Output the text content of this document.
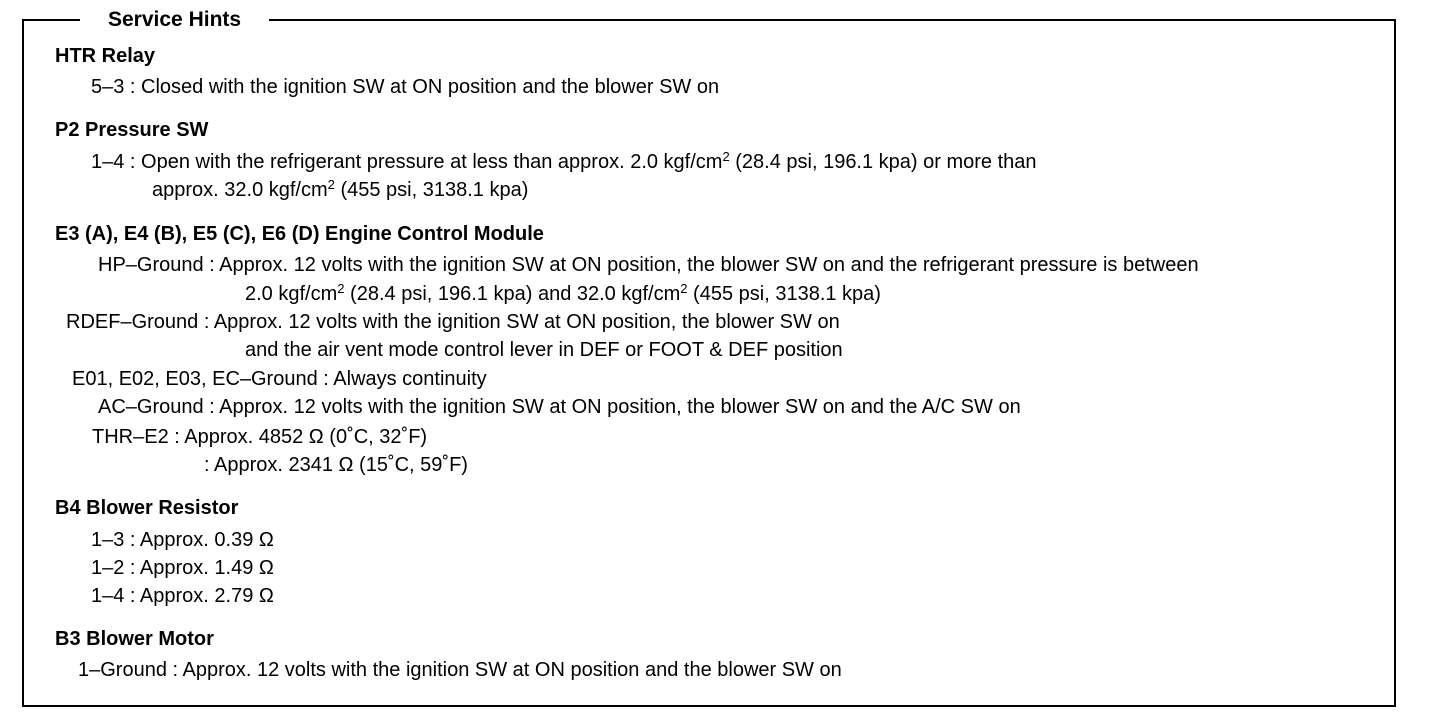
Service Hints
HTR Relay
5–3 : Closed with the ignition SW at ON position and the blower SW on
P2 Pressure SW
1–4 : Open with the refrigerant pressure at less than approx. 2.0 kgf/$cm^2$ (28.4 psi, 196.1 kpa) or more than
approx. 32.0 kgf/$cm^2$ (455 psi, 3138.1 kpa)
E3 (A), E4 (B), E5 (C), E6 (D) Engine Control Module
HP–Ground : Approx. 12 volts with the ignition SW at ON position, the blower SW on and the refrigerant pressure is between
2.0 kgf/$cm^2$ (28.4 psi, 196.1 kpa) and 32.0 kgf/$cm^2$ (455 psi, 3138.1 kpa)
RDEF–Ground : Approx. 12 volts with the ignition SW at ON position, the blower SW on
and the air vent mode control lever in DEF or FOOT & DEF position
E01, E02, E03, EC–Ground : Always continuity
AC–Ground : Approx. 12 volts with the ignition SW at ON position, the blower SW on and the A/C SW on
THR–E2 : Approx. 4852 Ω (0˚C, 32˚F)
: Approx. 2341 Ω (15˚C, 59˚F)
B4 Blower Resistor
1–3 : Approx. 0.39 Ω
1–2 : Approx. 1.49 Ω
1–4 : Approx. 2.79 Ω
B3 Blower Motor
1–Ground : Approx. 12 volts with the ignition SW at ON position and the blower SW on
